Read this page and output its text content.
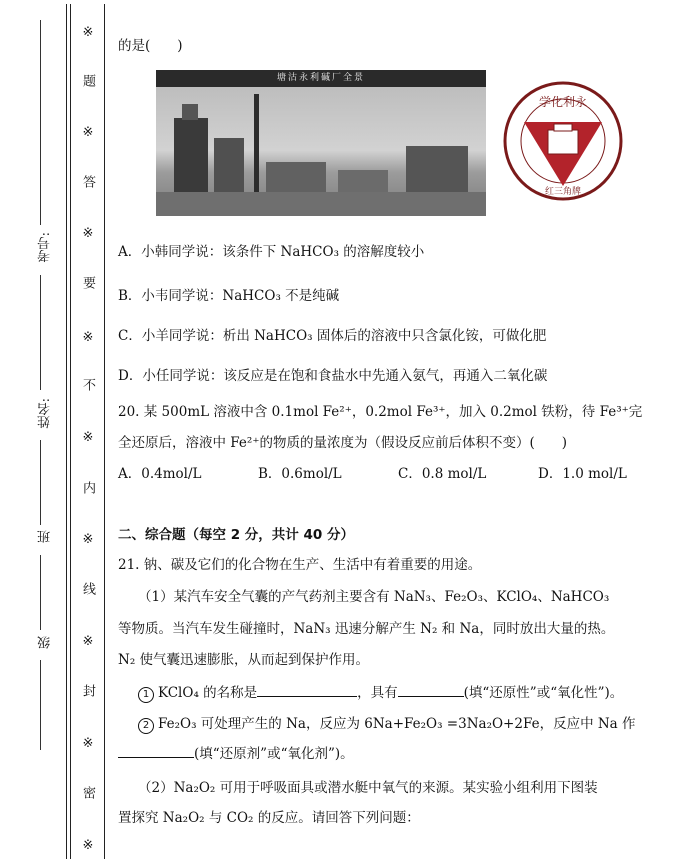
考号:
姓名:
班
级
※
题
※
答
※
要
※
不
※
内
※
线
※
封
※
密
※
的是(　　)
塘沽永利碱厂全景
学化利永
红三角牌
A．小韩同学说：该条件下 NaHCO₃ 的溶解度较小
B．小韦同学说：NaHCO₃ 不是纯碱
C．小羊同学说：析出 NaHCO₃ 固体后的溶液中只含氯化铵，可做化肥
D．小任同学说：该反应是在饱和食盐水中先通入氨气，再通入二氧化碳
20. 某 500mL 溶液中含 0.1mol Fe²⁺，0.2mol Fe³⁺，加入 0.2mol 铁粉，待 Fe³⁺完
全还原后，溶液中 Fe²⁺的物质的量浓度为（假设反应前后体积不变）(　　)
A．0.4mol/L	B．0.6mol/L	C．0.8 mol/L	D．1.0 mol/L
二、综合题（每空 2 分，共计 40 分）
21. 钠、碳及它们的化合物在生产、生活中有着重要的用途。
（1）某汽车安全气囊的产气药剂主要含有 NaN₃、Fe₂O₃、KClO₄、NaHCO₃
等物质。当汽车发生碰撞时，NaN₃ 迅速分解产生 N₂ 和 Na，同时放出大量的热。
N₂ 使气囊迅速膨胀，从而起到保护作用。
1 KClO₄ 的名称是	，具有	(填“还原性”或“氧化性”)。
2 Fe₂O₃ 可处理产生的 Na，反应为 6Na+Fe₂O₃ =3Na₂O+2Fe，反应中 Na 作
(填“还原剂”或“氧化剂”)。
（2）Na₂O₂ 可用于呼吸面具或潜水艇中氧气的来源。某实验小组利用下图装
置探究 Na₂O₂ 与 CO₂ 的反应。请回答下列问题：
